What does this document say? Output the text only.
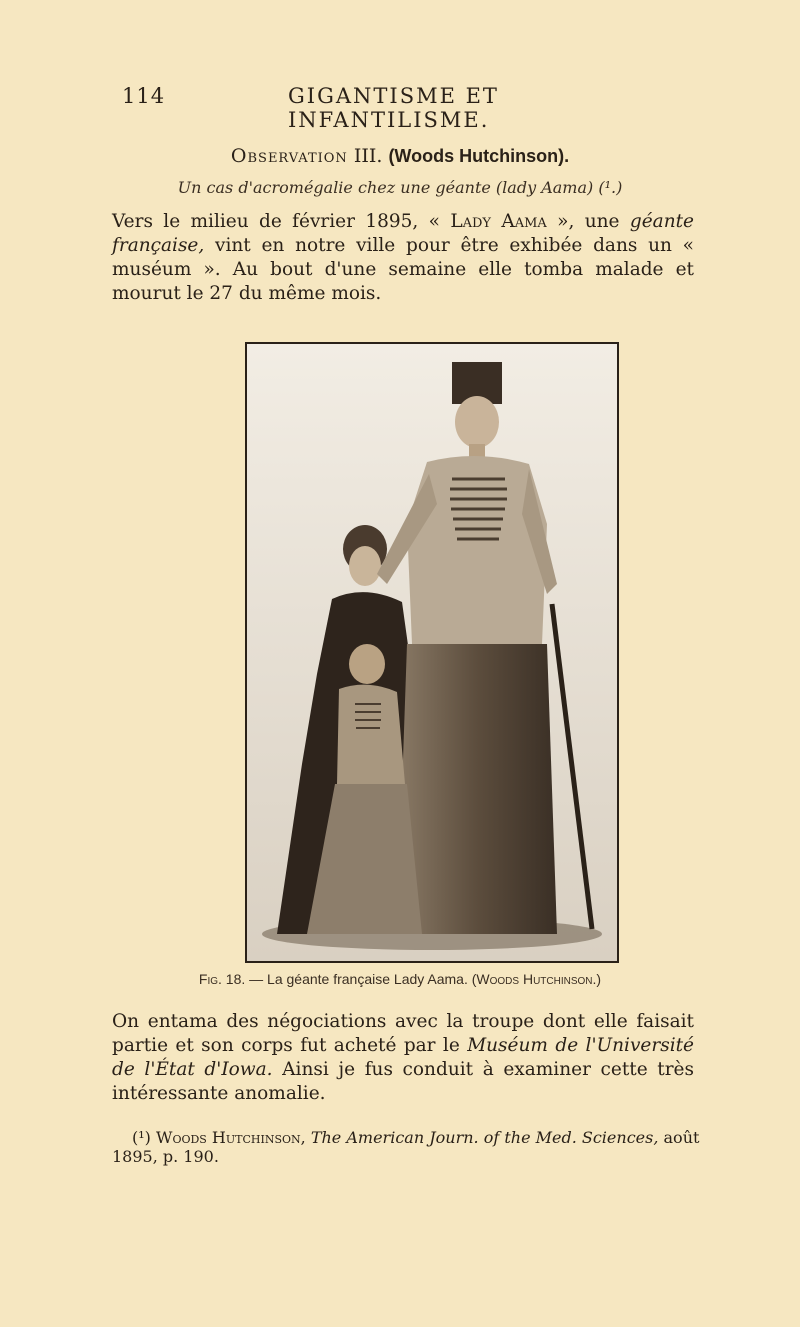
114	GIGANTISME ET INFANTILISME.
Observation III. (Woods Hutchinson).
Un cas d'acromégalie chez une géante (lady Aama) (¹.)
Vers le milieu de février 1895, « Lady Aama », une géante française, vint en notre ville pour être exhibée dans un « muséum ». Au bout d'une semaine elle tomba malade et mourut le 27 du même mois.
Fig. 18. — La géante française Lady Aama. (Woods Hutchinson.)
On entama des négociations avec la troupe dont elle faisait partie et son corps fut acheté par le Muséum de l'Université de l'État d'Iowa. Ainsi je fus conduit à examiner cette très intéressante anomalie.
(¹) Woods Hutchinson, The American Journ. of the Med. Sciences, août 1895, p. 190.
